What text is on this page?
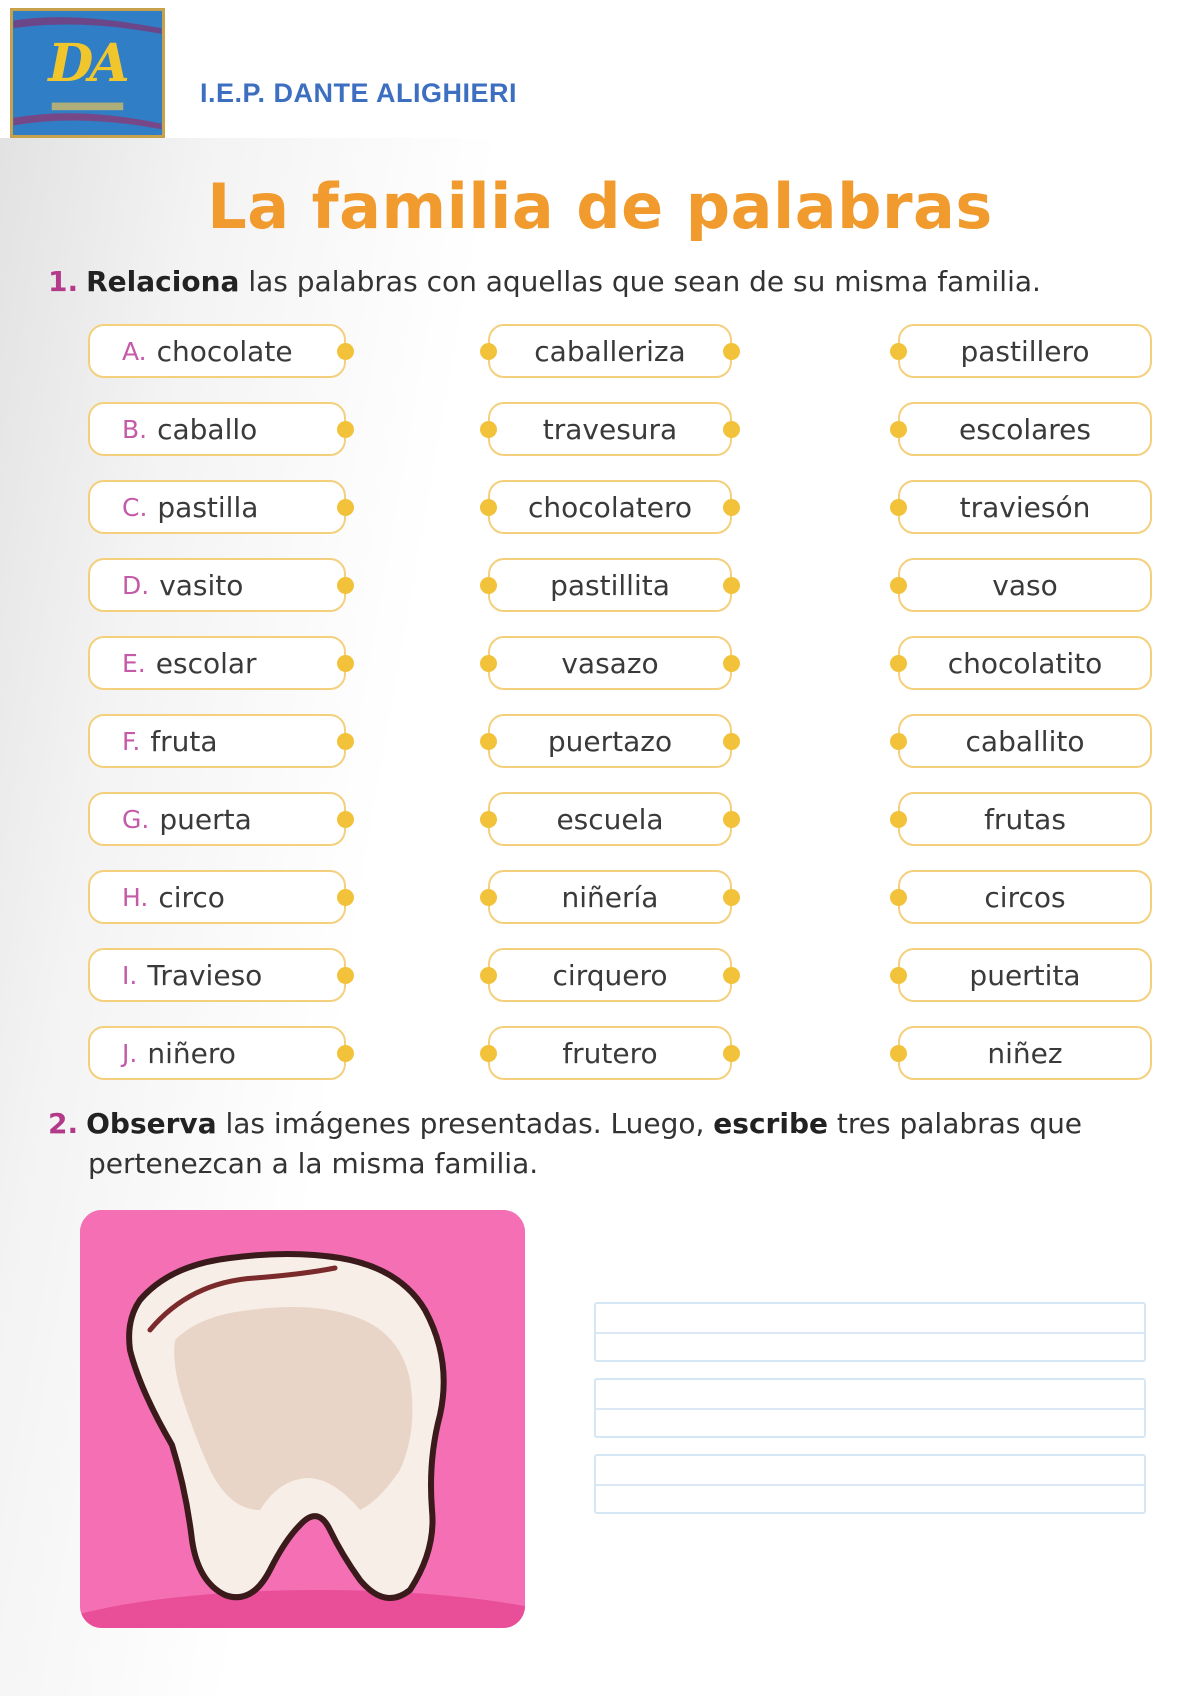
DA	I.E.P. DANTE ALIGHIERI
La familia de palabras
1. Relaciona las palabras con aquellas que sean de su misma familia.
A. chocolate	caballeriza	pastillero
B. caballo	travesura	escolares
C. pastilla	chocolatero	traviesón
D. vasito	pastillita	vaso
E. escolar	vasazo	chocolatito
F. fruta	puertazo	caballito
G. puerta	escuela	frutas
H. circo	niñería	circos
I. Travieso	cirquero	puertita
J. niñero	frutero	niñez
2. Observa las imágenes presentadas. Luego, escribe tres palabras que
pertenezcan a la misma familia.
